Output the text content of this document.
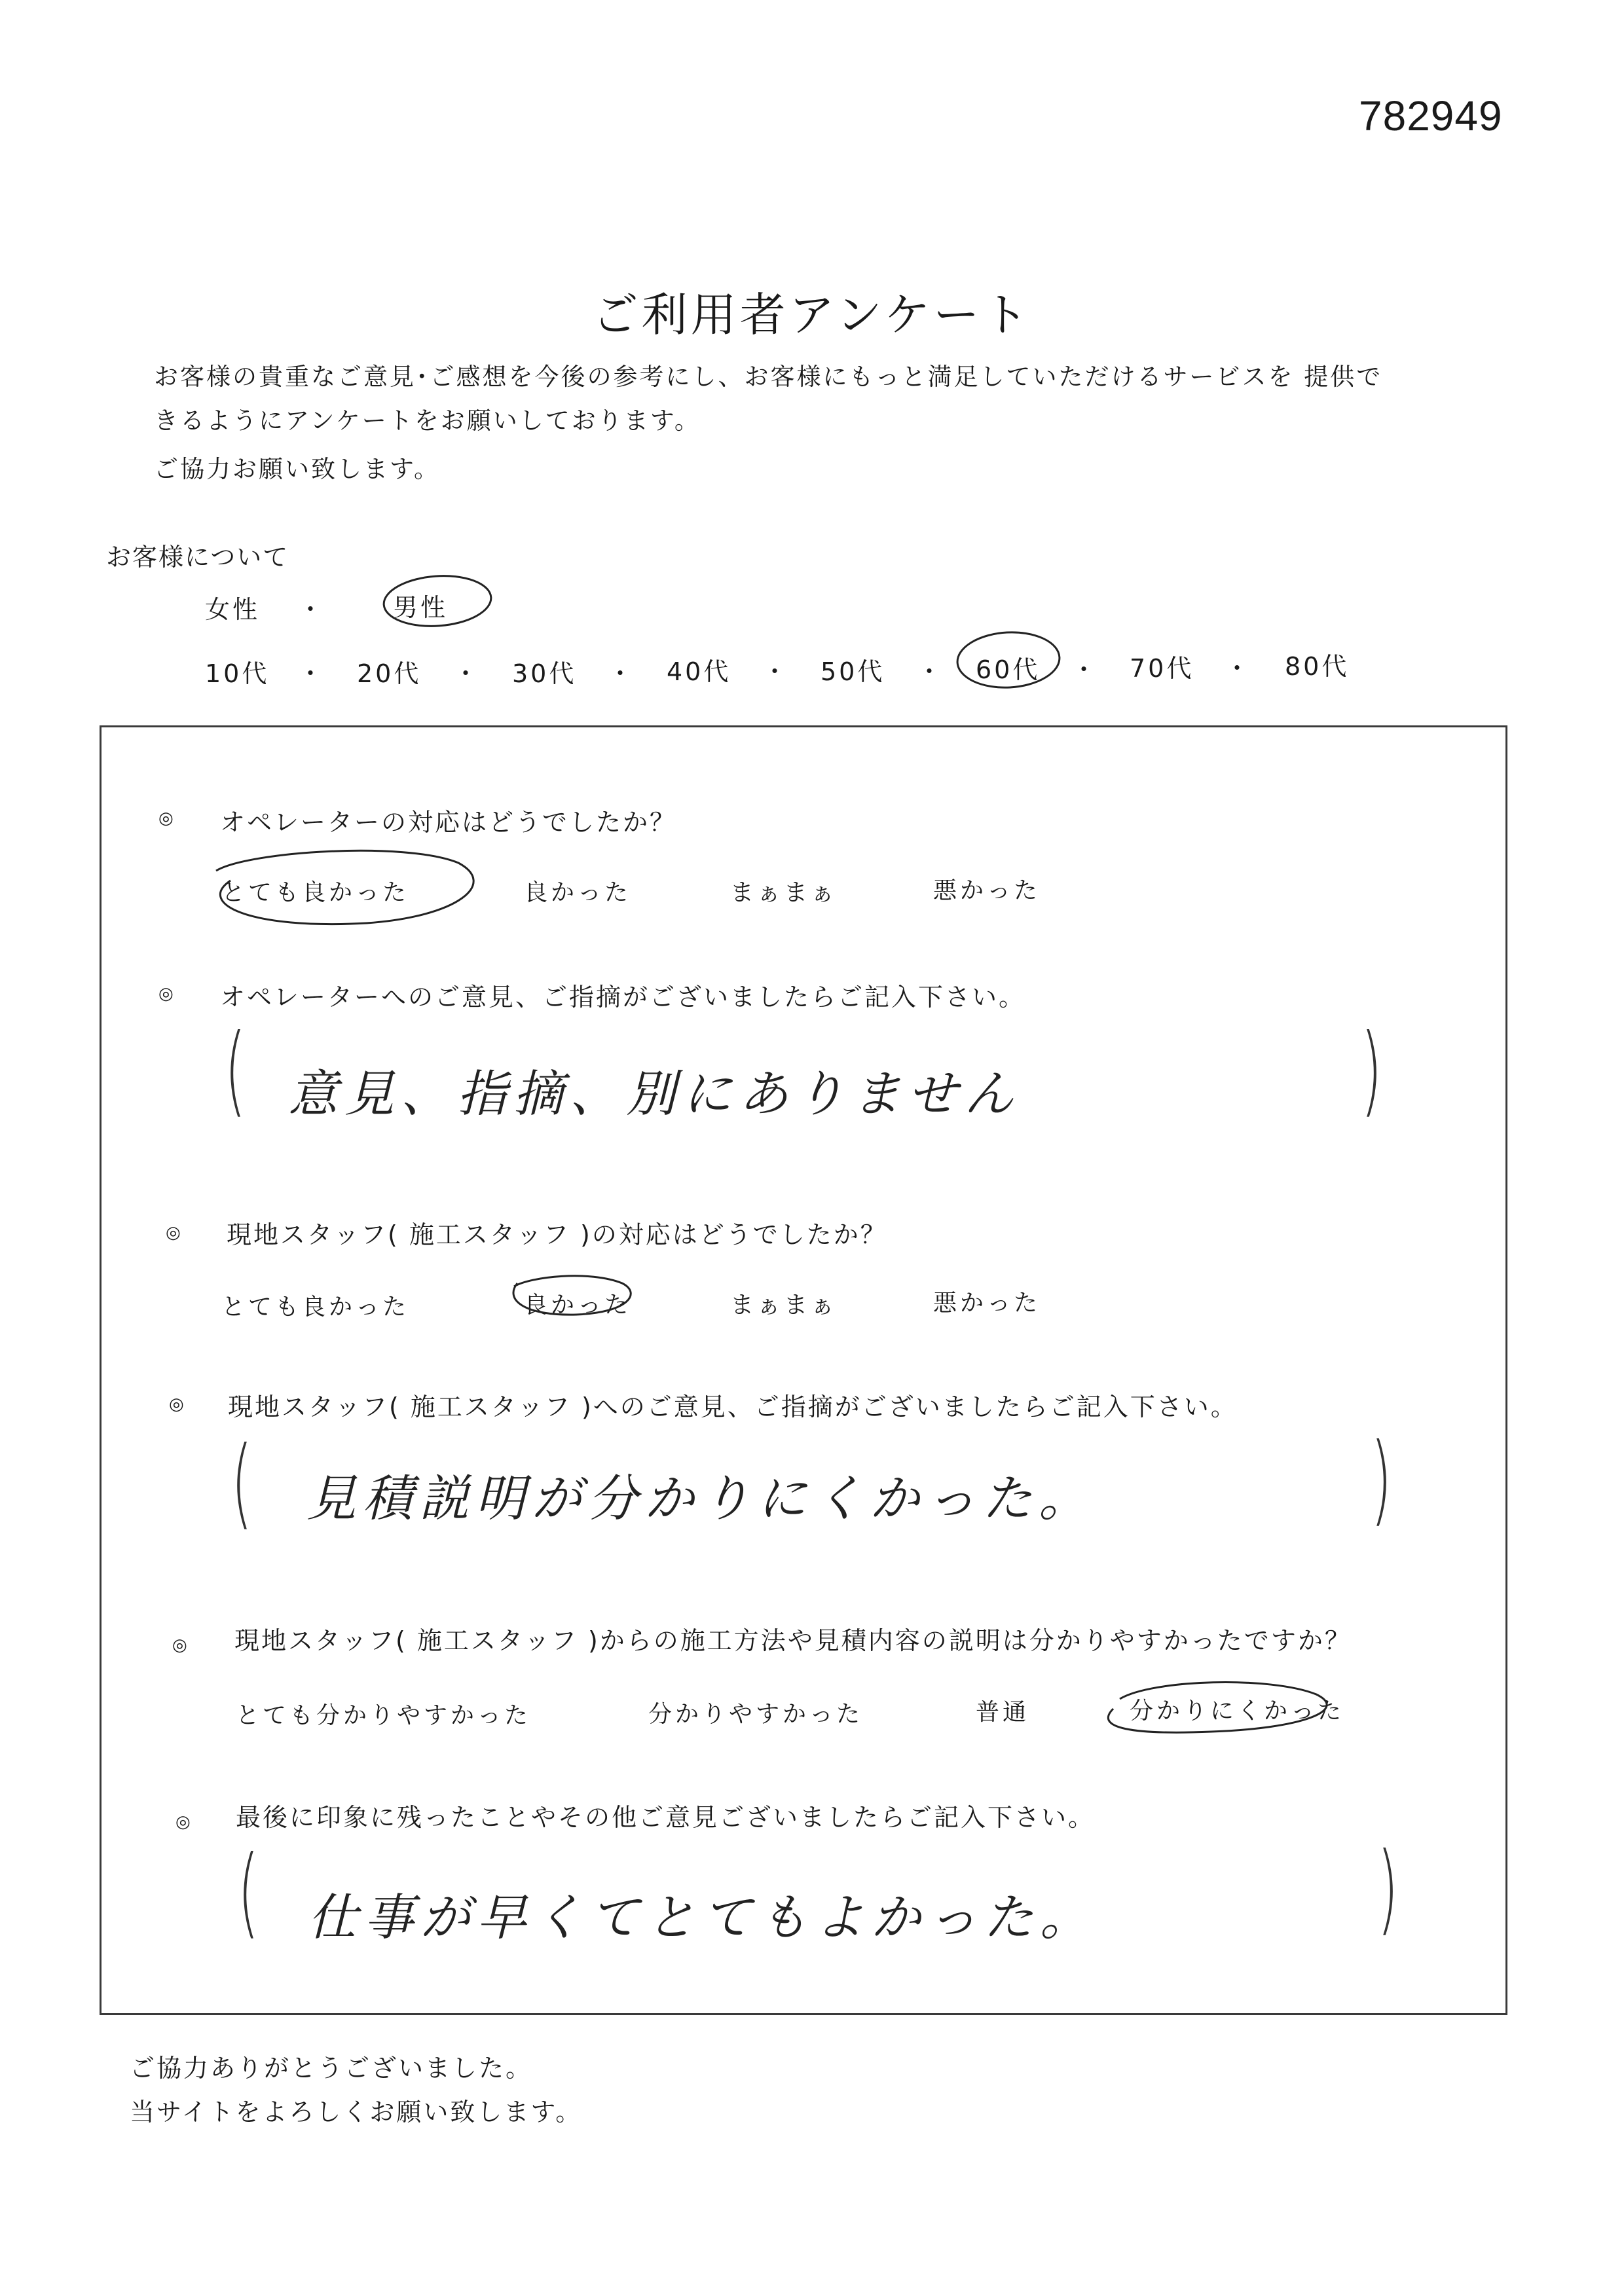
782949
ご利用者アンケート
お客様の貴重なご意見･ご感想を今後の参考にし、お客様にもっと満足していただけるサービスを 提供で
きるようにアンケートをお願いしております。
ご協力お願い致します。
お客様について
女性 ・	男性
10代 ・ 20代 ・ 30代 ・ 40代 ・ 50代 ・ 60代 ・ 70代 ・ 80代
◎ オペレーターの対応はどうでしたか？
とても良かった	良かった	まぁまぁ	悪かった
◎ オペレーターへのご意見、ご指摘がございましたらご記入下さい。
( 意見、指摘、別にありません	)
◎ 現地スタッフ( 施工スタッフ )の対応はどうでしたか？
とても良かった	良かった	まぁまぁ	悪かった
◎ 現地スタッフ( 施工スタッフ )へのご意見、ご指摘がございましたらご記入下さい。
( 見積説明が分かりにくかった。	)
◎ 現地スタッフ( 施工スタッフ )からの施工方法や見積内容の説明は分かりやすかったですか？
とても分かりやすかった	分かりやすかった	普通	分かりにくかった
◎ 最後に印象に残ったことやその他ご意見ございましたらご記入下さい。
( 仕事が早くてとてもよかった。	)
ご協力ありがとうございました。
当サイトをよろしくお願い致します。
